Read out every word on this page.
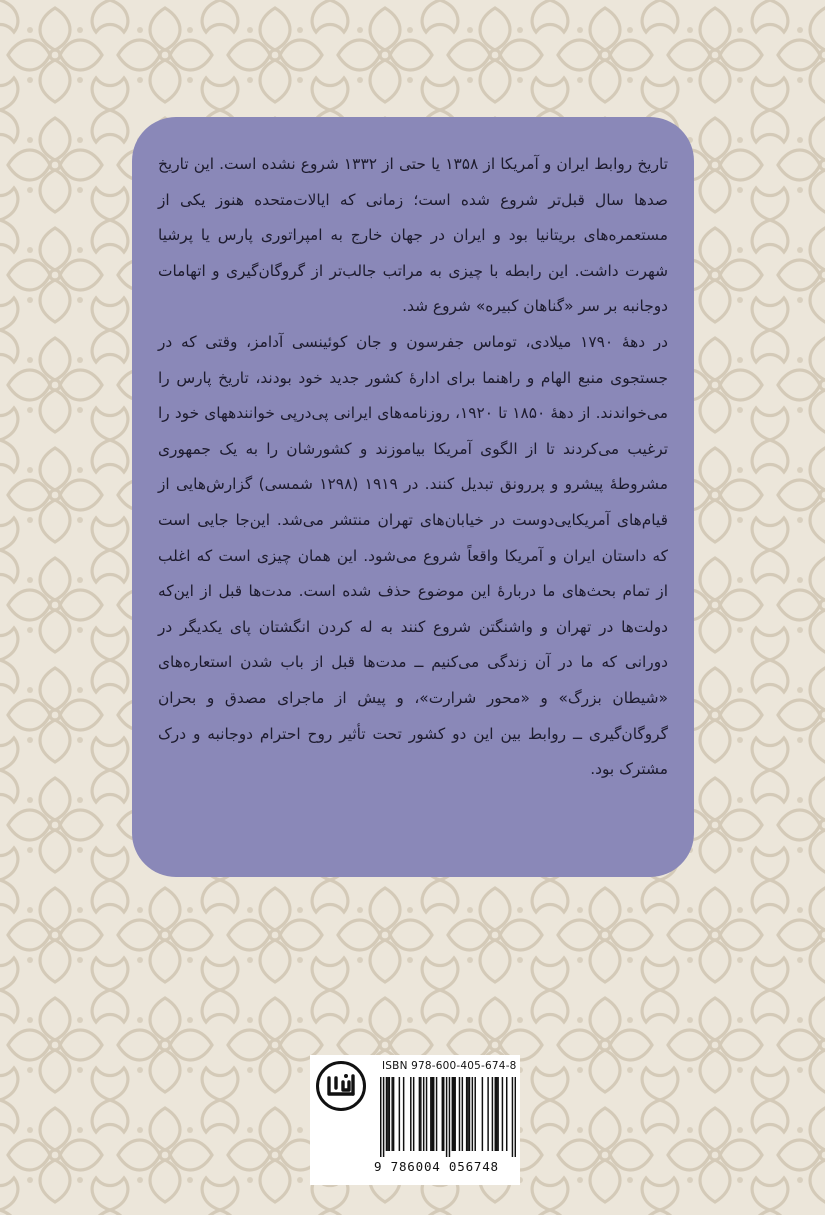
تاریخ روابط ایران و آمریکا از ۱۳۵۸ یا حتی از ۱۳۳۲ شروع نشده است. این تاریخ صدها سال قبل‌تر شروع شده است؛ زمانی که ایالات‌متحده هنوز یکی از مستعمره‌های بریتانیا بود و ایران در جهان خارج به امپراتوری پارس یا پرشیا شهرت داشت. این رابطه با چیزی به مراتب جالب‌تر از گروگان‌گیری و اتهامات دوجانبه بر سر «گناهان کبیره» شروع شد.

در دهۀ ۱۷۹۰ میلادی، توماس جفرسون و جان کوئینسی آدامز، وقتی که در جستجوی منبع الهام و راهنما برای ادارۀ کشور جدید خود بودند، تاریخ پارس را می‌خواندند. از دهۀ ۱۸۵۰ تا ۱۹۲۰، روزنامه‌های ایرانی پی‌درپی خوانندههای خود را ترغیب می‌کردند تا از الگوی آمریکا بیاموزند و کشورشان را به یک جمهوری مشروطۀ پیشرو و پررونق تبدیل کنند. در ۱۹۱۹ (۱۲۹۸ شمسی) گزارش‌هایی از قیام‌های آمریکایی‌دوست در خیابان‌های تهران منتشر می‌شد. این‌جا جایی است که داستان ایران و آمریکا واقعاً شروع می‌شود. این همان چیزی است که اغلب از تمام بحث‌های ما دربارۀ این موضوع حذف شده است. مدت‌ها قبل از این‌که دولت‌ها در تهران و واشنگتن شروع کنند به له کردن انگشتان پای یکدیگر در دورانی که ما در آن زندگی می‌کنیم ــ مدت‌ها قبل از باب شدن استعاره‌های «شیطان بزرگ» و «محور شرارت»، و پیش از ماجرای مصدق و بحران گروگان‌گیری ــ روابط بین این دو کشور تحت تأثیر روح احترام دوجانبه و درک مشترک بود.

ISBN 978-600-405-674-8
9 786004 056748
